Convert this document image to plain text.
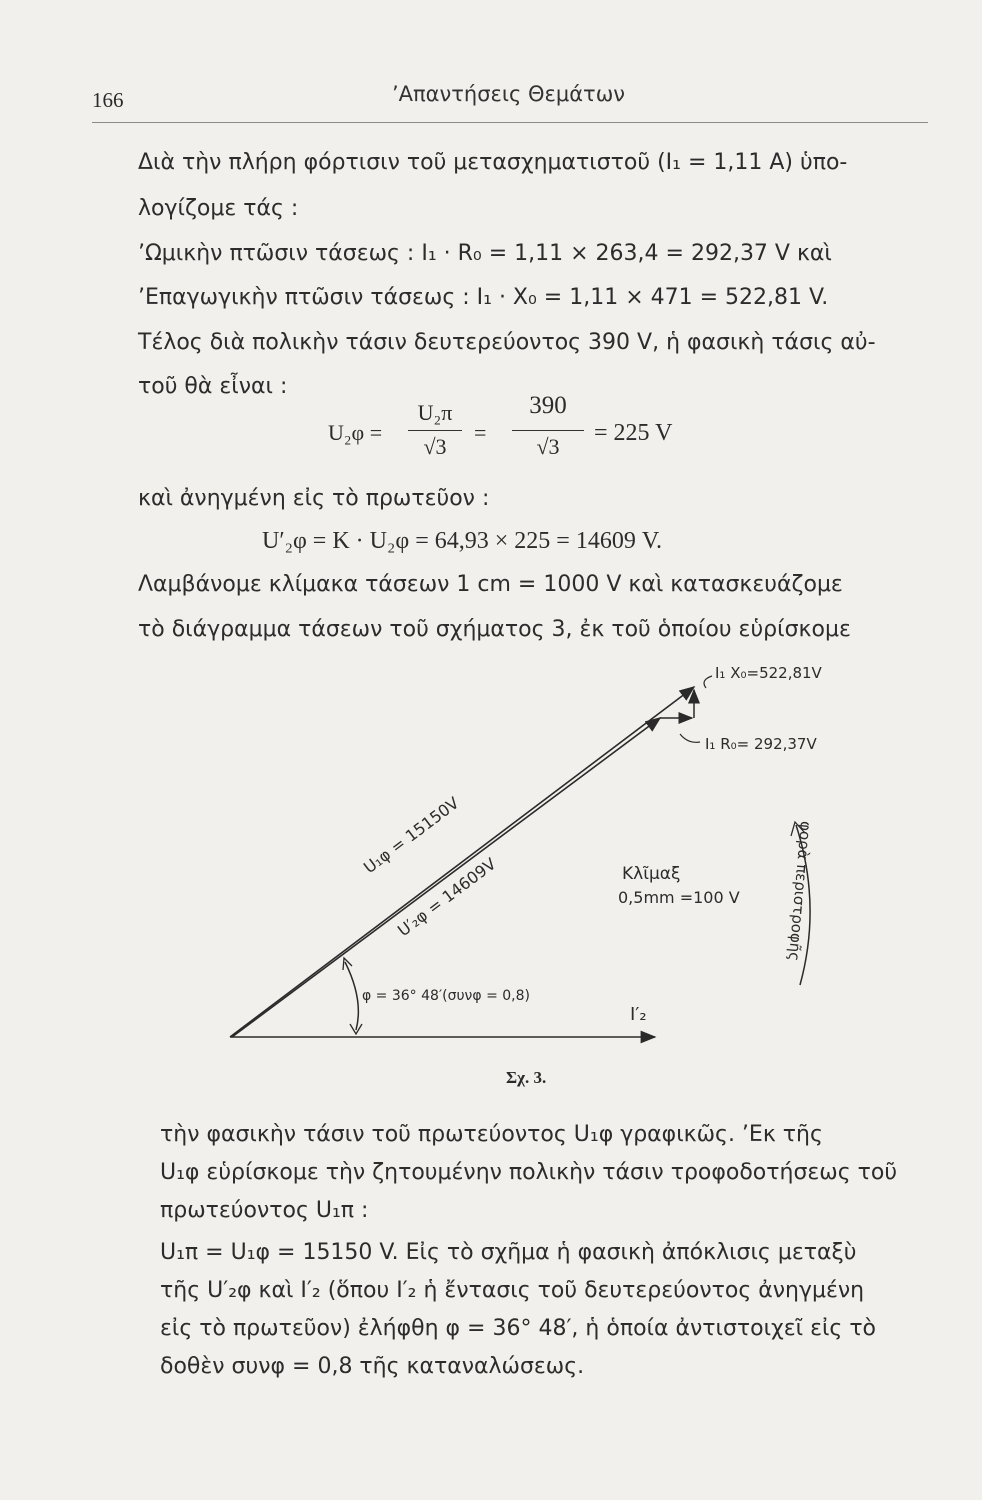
166	’Απαντήσεις Θεμάτων
Διὰ τὴν πλήρη φόρτισιν τοῦ μετασχηματιστοῦ (I₁ = 1,11 A) ὑπο-
λογίζομε τάς :
’Ωμικὴν πτῶσιν τάσεως : I₁ · R₀ = 1,11 × 263,4 = 292,37 V καὶ
’Επαγωγικὴν πτῶσιν τάσεως : I₁ · X₀ = 1,11 × 471 = 522,81 V.
Τέλος διὰ πολικὴν τάσιν δευτερεύοντος 390 V, ἡ φασικὴ τάσις αὐ-
τοῦ θὰ εἶναι :
U₂φ =
U₂π
√3
=
390
√3
= 225 V
καὶ ἀνηγμένη εἰς τὸ πρωτεῦον :
U′₂φ = K · U₂φ = 64,93 × 225 = 14609 V.
Λαμβάνομε κλίμακα τάσεων 1 cm = 1000 V καὶ κατασκευάζομε
τὸ διάγραμμα τάσεων τοῦ σχήματος 3, ἐκ τοῦ ὁποίου εὑρίσκομε
I₁ X₀=522,81V
I₁ R₀= 292,37V
U₁φ = 15150V
U′₂φ = 14609V	Κλῖμαξ
0,5mm =100 V	φορὰ περιστροφῆς
φ = 36° 48′(συνφ = 0,8)
I′₂
Σχ. 3.
τὴν φασικὴν τάσιν τοῦ πρωτεύοντος U₁φ γραφικῶς. ’Εκ τῆς
U₁φ εὑρίσκομε τὴν ζητουμένην πολικὴν τάσιν τροφοδοτήσεως τοῦ
πρωτεύοντος U₁π :
U₁π = U₁φ = 15150 V. Εἰς τὸ σχῆμα ἡ φασικὴ ἀπόκλισις μεταξὺ
τῆς U′₂φ καὶ I′₂ (ὅπου I′₂ ἡ ἔντασις τοῦ δευτερεύοντος ἀνηγμένη
εἰς τὸ πρωτεῦον) ἐλήφθη φ = 36° 48′, ἡ ὁποία ἀντιστοιχεῖ εἰς τὸ
δοθὲν συνφ = 0,8 τῆς καταναλώσεως.
